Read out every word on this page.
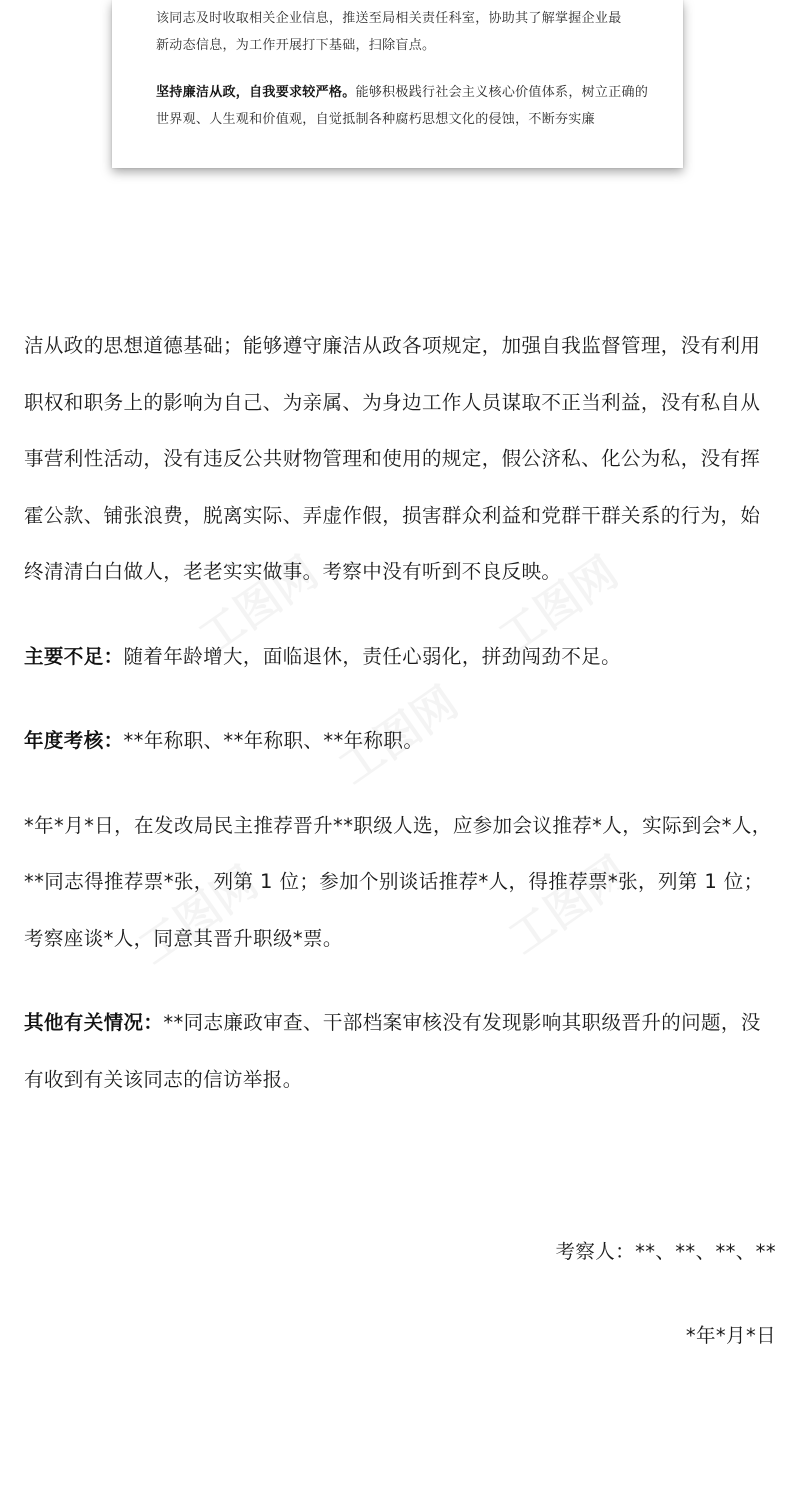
该同志及时收取相关企业信息，推送至局相关责任科室，协助其了解掌握企业最
新动态信息，为工作开展打下基础，扫除盲点。

坚持廉洁从政，自我要求较严格。能够积极践行社会主义核心价值体系，树立正确的世界观、人生观和价值观，自觉抵制各种腐朽思想文化的侵蚀，不断夯实廉

洁从政的思想道德基础；能够遵守廉洁从政各项规定，加强自我监督管理，没有利用职权和职务上的影响为自己、为亲属、为身边工作人员谋取不正当利益，没有私自从事营利性活动，没有违反公共财物管理和使用的规定，假公济私、化公为私，没有挥霍公款、铺张浪费，脱离实际、弄虚作假，损害群众利益和党群干群关系的行为，始终清清白白做人，老老实实做事。考察中没有听到不良反映。

主要不足：随着年龄增大，面临退休，责任心弱化，拼劲闯劲不足。

年度考核：**年称职、**年称职、**年称职。

*年*月*日，在发改局民主推荐晋升**职级人选，应参加会议推荐*人，实际到会*人，**同志得推荐票*张，列第 1 位；参加个别谈话推荐*人，得推荐票*张，列第 1 位；考察座谈*人，同意其晋升职级*票。

其他有关情况：**同志廉政审查、干部档案审核没有发现影响其职级晋升的问题，没有收到有关该同志的信访举报。

考察人：**、**、**、**
*年*月*日
